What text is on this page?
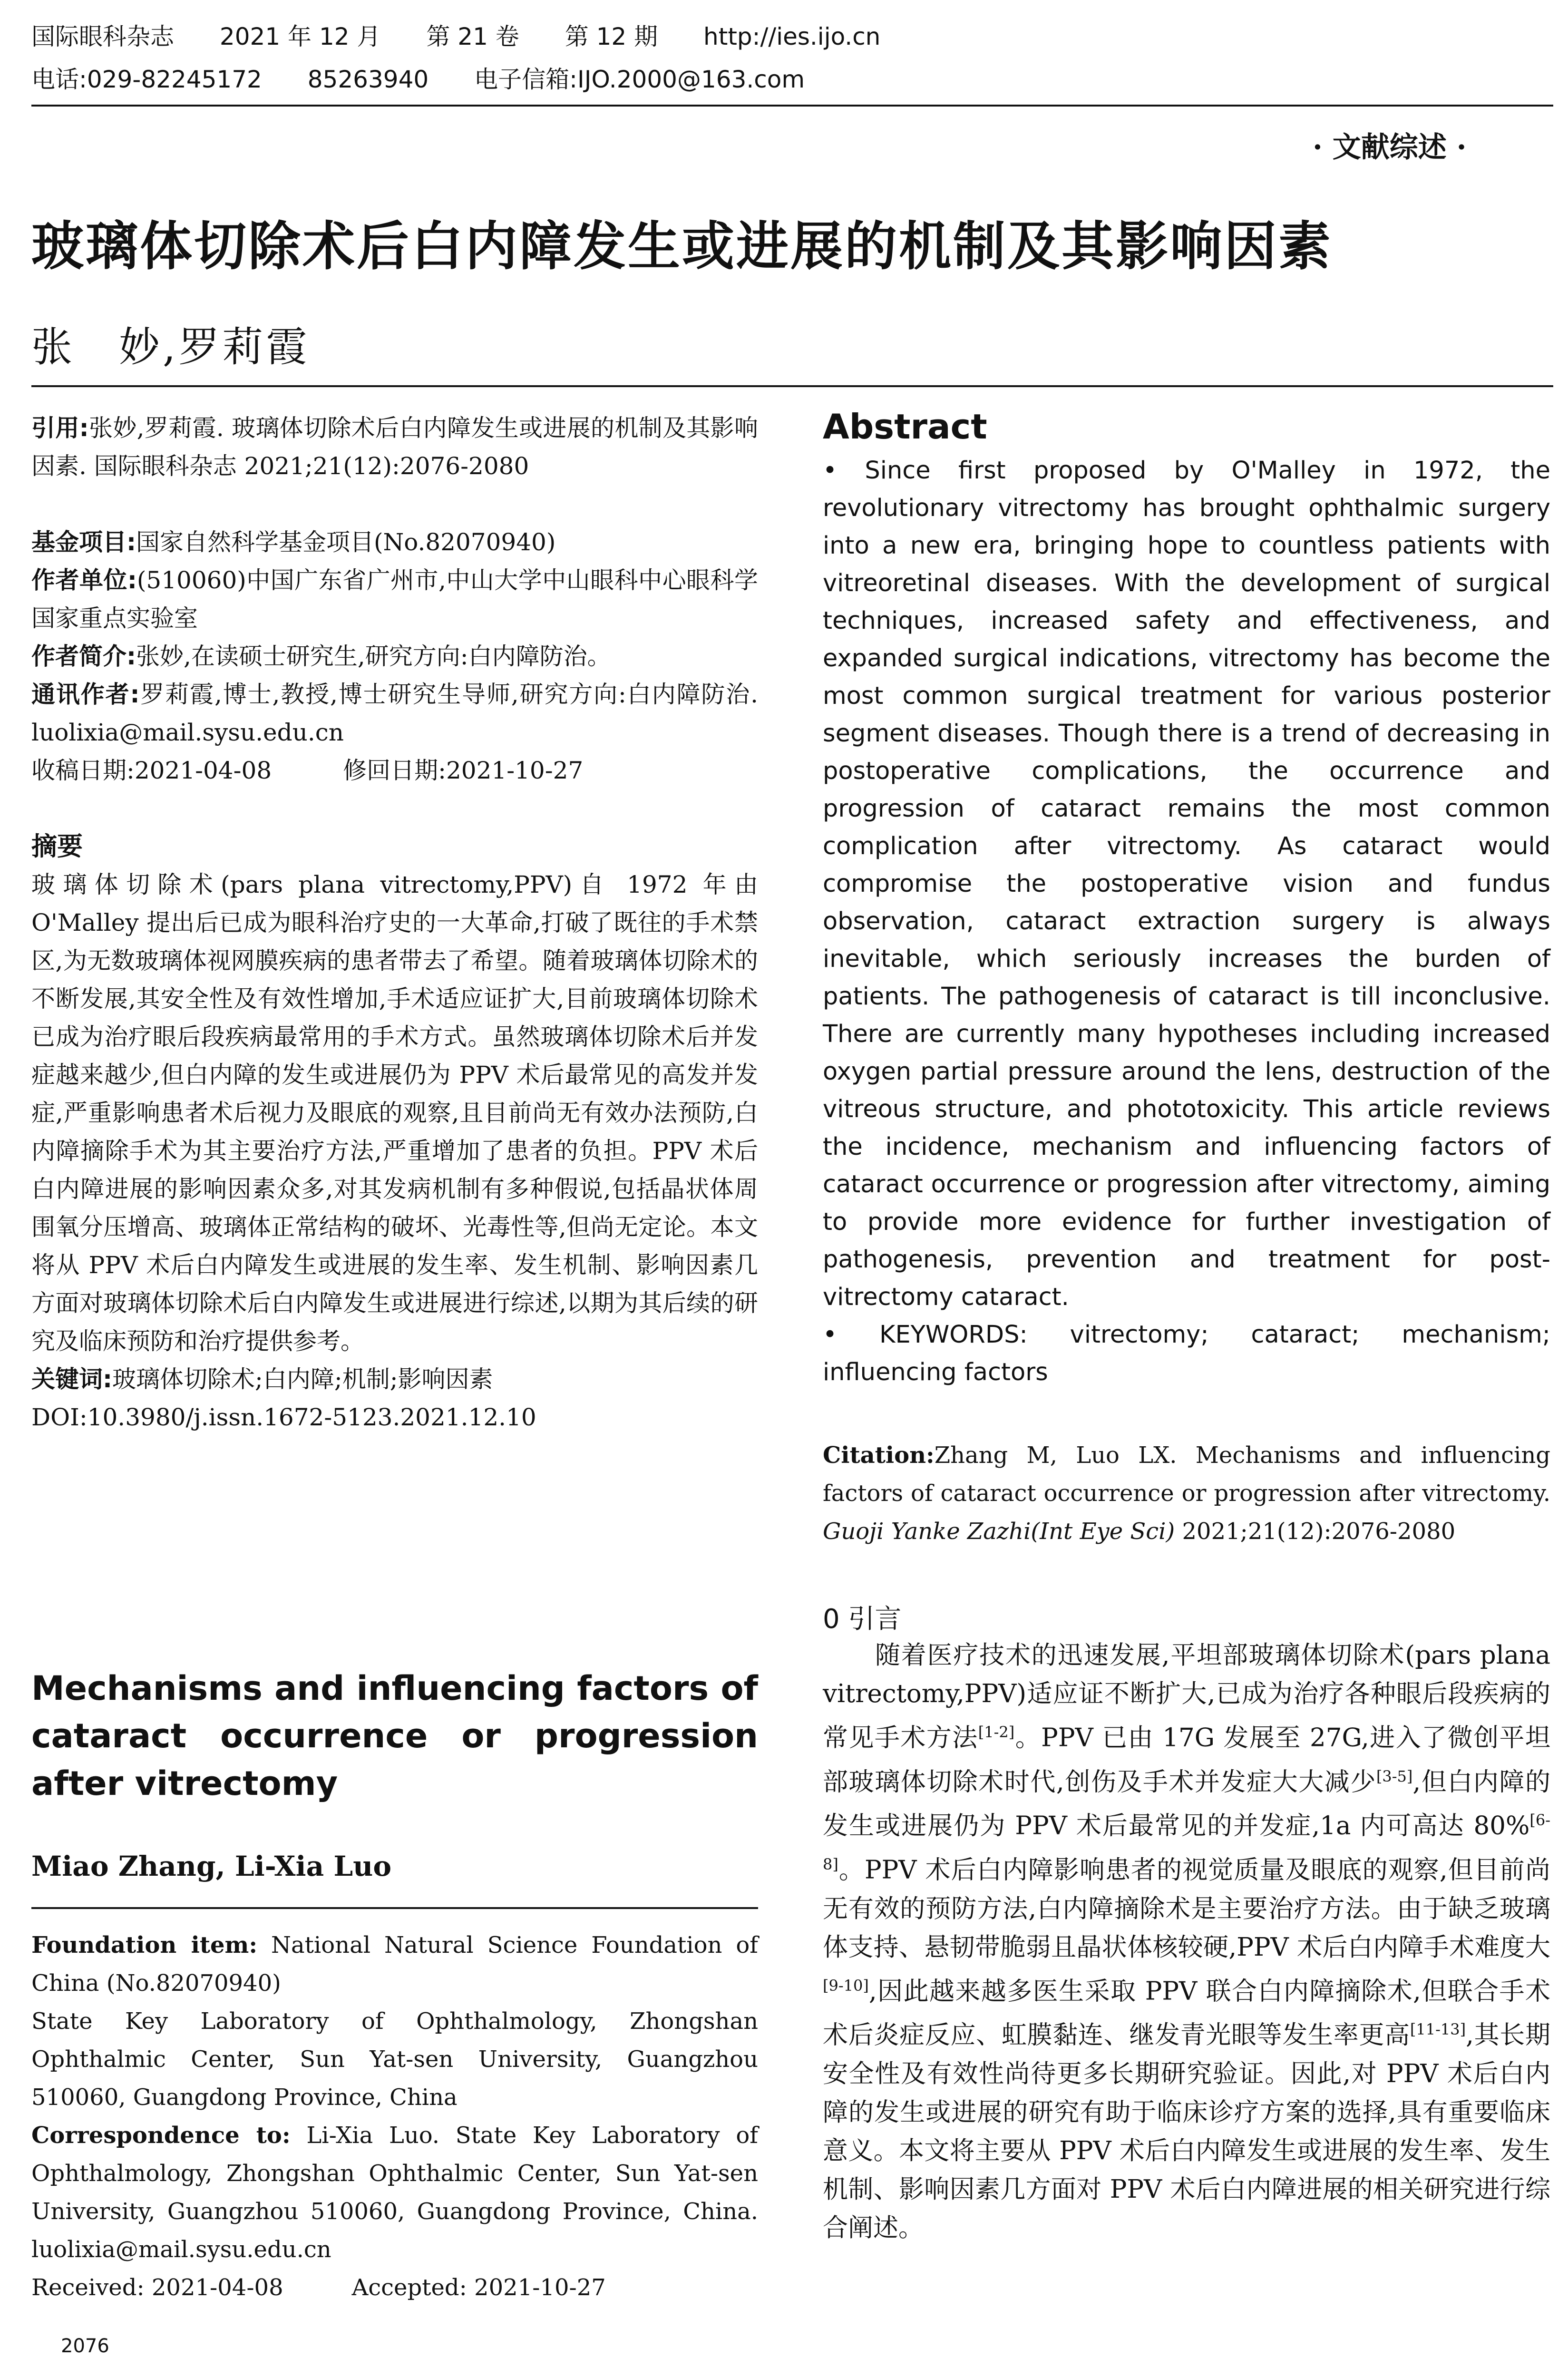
国际眼科杂志 2021 年 12 月 第 21 卷 第 12 期 http://ies.ijo.cn
电话:029-82245172 85263940 电子信箱:IJO.2000@163.com
· 文献综述 ·
玻璃体切除术后白内障发生或进展的机制及其影响因素
张　妙,罗莉霞

引用:张妙,罗莉霞. 玻璃体切除术后白内障发生或进展的机制及其影响因素. 国际眼科杂志 2021;21(12):2076-2080

基金项目:国家自然科学基金项目(No.82070940)

作者单位:(510060)中国广东省广州市,中山大学中山眼科中心眼科学国家重点实验室

作者简介:张妙,在读硕士研究生,研究方向:白内障防治。

通讯作者:罗莉霞,博士,教授,博士研究生导师,研究方向:白内障防治. luolixia@mail.sysu.edu.cn

收稿日期:2021-04-08　　　修回日期:2021-10-27

摘要

玻璃体切除术(pars plana vitrectomy,PPV)自 1972 年由 O'Malley 提出后已成为眼科治疗史的一大革命,打破了既往的手术禁区,为无数玻璃体视网膜疾病的患者带去了希望。随着玻璃体切除术的不断发展,其安全性及有效性增加,手术适应证扩大,目前玻璃体切除术已成为治疗眼后段疾病最常用的手术方式。虽然玻璃体切除术后并发症越来越少,但白内障的发生或进展仍为 PPV 术后最常见的高发并发症,严重影响患者术后视力及眼底的观察,且目前尚无有效办法预防,白内障摘除手术为其主要治疗方法,严重增加了患者的负担。PPV 术后白内障进展的影响因素众多,对其发病机制有多种假说,包括晶状体周围氧分压增高、玻璃体正常结构的破坏、光毒性等,但尚无定论。本文将从 PPV 术后白内障发生或进展的发生率、发生机制、影响因素几方面对玻璃体切除术后白内障发生或进展进行综述,以期为其后续的研究及临床预防和治疗提供参考。

关键词:玻璃体切除术;白内障;机制;影响因素

DOI:10.3980/j.issn.1672-5123.2021.12.10

Mechanisms and influencing factors of cataract occurrence or progression after vitrectomy
Miao Zhang, Li-Xia Luo

Foundation item: National Natural Science Foundation of China (No.82070940)

State Key Laboratory of Ophthalmology, Zhongshan Ophthalmic Center, Sun Yat-sen University, Guangzhou 510060, Guangdong Province, China

Correspondence to: Li-Xia Luo. State Key Laboratory of Ophthalmology, Zhongshan Ophthalmic Center, Sun Yat-sen University, Guangzhou 510060, Guangdong Province, China. luolixia@mail.sysu.edu.cn

Received: 2021-04-08　　　Accepted: 2021-10-27

Abstract

• Since first proposed by O'Malley in 1972, the revolutionary vitrectomy has brought ophthalmic surgery into a new era, bringing hope to countless patients with vitreoretinal diseases. With the development of surgical techniques, increased safety and effectiveness, and expanded surgical indications, vitrectomy has become the most common surgical treatment for various posterior segment diseases. Though there is a trend of decreasing in postoperative complications, the occurrence and progression of cataract remains the most common complication after vitrectomy. As cataract would compromise the postoperative vision and fundus observation, cataract extraction surgery is always inevitable, which seriously increases the burden of patients. The pathogenesis of cataract is till inconclusive. There are currently many hypotheses including increased oxygen partial pressure around the lens, destruction of the vitreous structure, and phototoxicity. This article reviews the incidence, mechanism and influencing factors of cataract occurrence or progression after vitrectomy, aiming to provide more evidence for further investigation of pathogenesis, prevention and treatment for post-vitrectomy cataract.

• KEYWORDS: vitrectomy; cataract; mechanism; influencing factors

Citation:Zhang M, Luo LX. Mechanisms and influencing factors of cataract occurrence or progression after vitrectomy. Guoji Yanke Zazhi(Int Eye Sci) 2021;21(12):2076-2080

0 引言

随着医疗技术的迅速发展,平坦部玻璃体切除术(pars plana vitrectomy,PPV)适应证不断扩大,已成为治疗各种眼后段疾病的常见手术方法[1-2]。PPV 已由 17G 发展至 27G,进入了微创平坦部玻璃体切除术时代,创伤及手术并发症大大减少[3-5],但白内障的发生或进展仍为 PPV 术后最常见的并发症,1a 内可高达 80%[6-8]。PPV 术后白内障影响患者的视觉质量及眼底的观察,但目前尚无有效的预防方法,白内障摘除术是主要治疗方法。由于缺乏玻璃体支持、悬韧带脆弱且晶状体核较硬,PPV 术后白内障手术难度大[9-10],因此越来越多医生采取 PPV 联合白内障摘除术,但联合手术术后炎症反应、虹膜黏连、继发青光眼等发生率更高[11-13],其长期安全性及有效性尚待更多长期研究验证。因此,对 PPV 术后白内障的发生或进展的研究有助于临床诊疗方案的选择,具有重要临床意义。本文将主要从 PPV 术后白内障发生或进展的发生率、发生机制、影响因素几方面对 PPV 术后白内障进展的相关研究进行综合阐述。

2076
